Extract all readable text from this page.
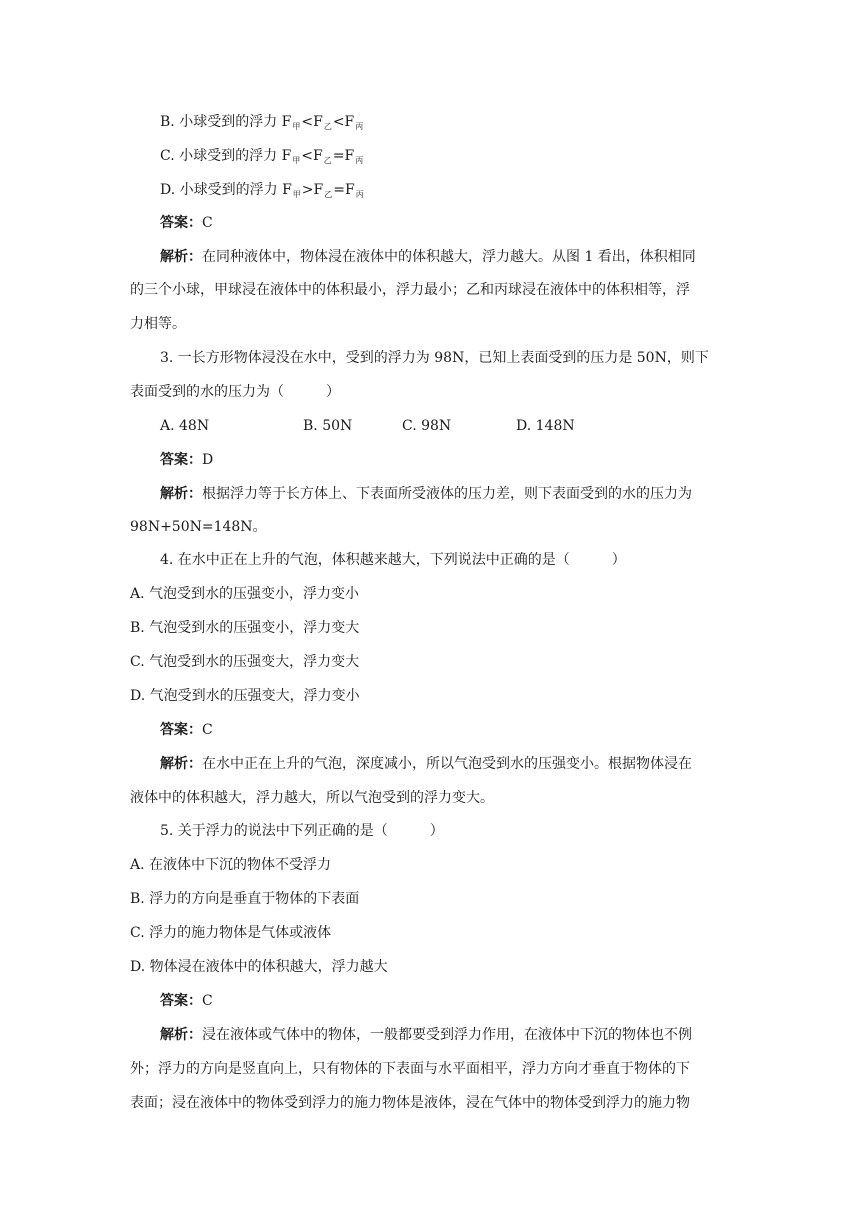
B. 小球受到的浮力 $F_甲<F_乙<F_丙$
C. 小球受到的浮力 $F_甲<F_乙=F_丙$
D. 小球受到的浮力 $F_甲>F_乙=F_丙$
答案：C
解析：在同种液体中，物体浸在液体中的体积越大，浮力越大。从图 1 看出，体积相同
的三个小球，甲球浸在液体中的体积最小，浮力最小；乙和丙球浸在液体中的体积相等，浮
力相等。
3. 一长方形物体浸没在水中，受到的浮力为 98N，已知上表面受到的压力是 50N，则下
表面受到的水的压力为（　　　）
A. 48N	B. 50N	C. 98N	D. 148N
答案：D
解析：根据浮力等于长方体上、下表面所受液体的压力差，则下表面受到的水的压力为
98N+50N=148N。
4. 在水中正在上升的气泡，体积越来越大，下列说法中正确的是（　　　）
A. 气泡受到水的压强变小，浮力变小
B. 气泡受到水的压强变小，浮力变大
C. 气泡受到水的压强变大，浮力变大
D. 气泡受到水的压强变大，浮力变小
答案：C
解析：在水中正在上升的气泡，深度减小，所以气泡受到水的压强变小。根据物体浸在
液体中的体积越大，浮力越大，所以气泡受到的浮力变大。
5. 关于浮力的说法中下列正确的是（　　　）
A. 在液体中下沉的物体不受浮力
B. 浮力的方向是垂直于物体的下表面
C. 浮力的施力物体是气体或液体
D. 物体浸在液体中的体积越大，浮力越大
答案：C
解析：浸在液体或气体中的物体，一般都要受到浮力作用，在液体中下沉的物体也不例
外；浮力的方向是竖直向上，只有物体的下表面与水平面相平，浮力方向才垂直于物体的下
表面；浸在液体中的物体受到浮力的施力物体是液体，浸在气体中的物体受到浮力的施力物
